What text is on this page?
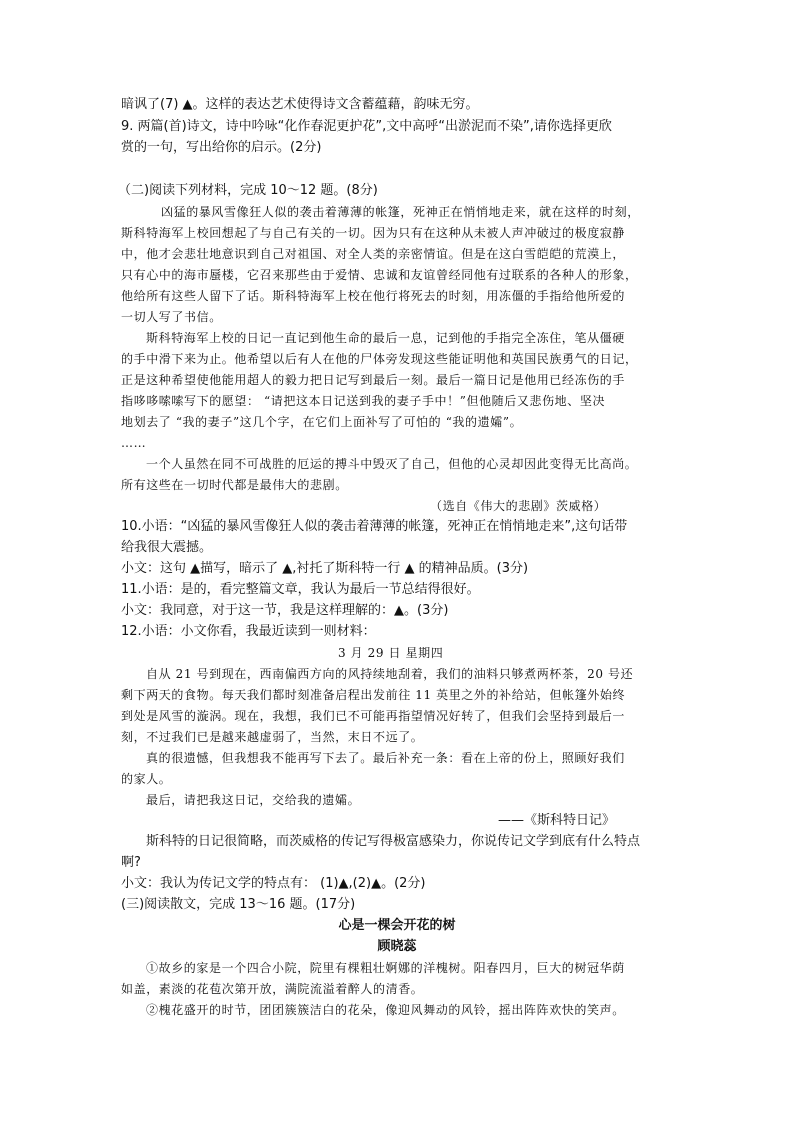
暗讽了(7) ▲。这样的表达艺术使得诗文含蓄蕴藉，韵味无穷。
9. 两篇(首)诗文，诗中吟咏“化作春泥更护花”,文中高呼“出淤泥而不染”,请你选择更欣
赏的一句，写出给你的启示。(2分)
（二)阅读下列材料，完成 10～12 题。(8分)
凶猛的暴风雪像狂人似的袭击着薄薄的帐篷，死神正在悄悄地走来，就在这样的时刻，
斯科特海军上校回想起了与自己有关的一切。因为只有在这种从未被人声冲破过的极度寂静
中，他才会悲壮地意识到自己对祖国、对全人类的亲密情谊。但是在这白雪皑皑的荒漠上，
只有心中的海市蜃楼，它召来那些由于爱情、忠诚和友谊曾经同他有过联系的各种人的形象，
他给所有这些人留下了话。斯科特海军上校在他行将死去的时刻，用冻僵的手指给他所爱的
一切人写了书信。
斯科特海军上校的日记一直记到他生命的最后一息，记到他的手指完全冻住，笔从僵硬
的手中滑下来为止。他希望以后有人在他的尸体旁发现这些能证明他和英国民族勇气的日记，
正是这种希望使他能用超人的毅力把日记写到最后一刻。最后一篇日记是他用已经冻伤的手
指哆哆嗦嗦写下的愿望： “请把这本日记送到我的妻子手中！”但他随后又悲伤地、坚决
地划去了 “我的妻子”这几个字，在它们上面补写了可怕的 “我的遗孀”。
……
一个人虽然在同不可战胜的厄运的搏斗中毁灭了自己，但他的心灵却因此变得无比高尚。
所有这些在一切时代都是最伟大的悲剧。
（选自《伟大的悲剧》茨威格）
10.小语：“凶猛的暴风雪像狂人似的袭击着薄薄的帐篷，死神正在悄悄地走来”,这句话带
给我很大震撼。
小文：这句 ▲描写，暗示了 ▲,衬托了斯科特一行 ▲ 的精神品质。(3分)
11.小语：是的，看完整篇文章，我认为最后一节总结得很好。
小文：我同意，对于这一节，我是这样理解的：▲。(3分)
12.小语：小文你看，我最近读到一则材料：
3 月 29 日 星期四
自从 21 号到现在，西南偏西方向的风持续地刮着，我们的油料只够煮两杯茶，20 号还
剩下两天的食物。每天我们都时刻准备启程出发前往 11 英里之外的补给站，但帐篷外始终
到处是风雪的漩涡。现在，我想，我们已不可能再指望情况好转了，但我们会坚持到最后一
刻，不过我们已是越来越虚弱了，当然，末日不远了。
真的很遗憾，但我想我不能再写下去了。最后补充一条：看在上帝的份上，照顾好我们
的家人。
最后，请把我这日记，交给我的遗孀。
——《斯科特日记》
斯科特的日记很简略，而茨威格的传记写得极富感染力，你说传记文学到底有什么特点
啊?
小文：我认为传记文学的特点有： (1)▲,(2)▲。(2分)
(三)阅读散文，完成 13～16 题。(17分)
心是一棵会开花的树
顾晓蕊
①故乡的家是一个四合小院，院里有棵粗壮婀娜的洋槐树。阳春四月，巨大的树冠华荫
如盖，素淡的花苞次第开放，满院流溢着醉人的清香。
②槐花盛开的时节，团团簇簇洁白的花朵，像迎风舞动的风铃，摇出阵阵欢快的笑声。
